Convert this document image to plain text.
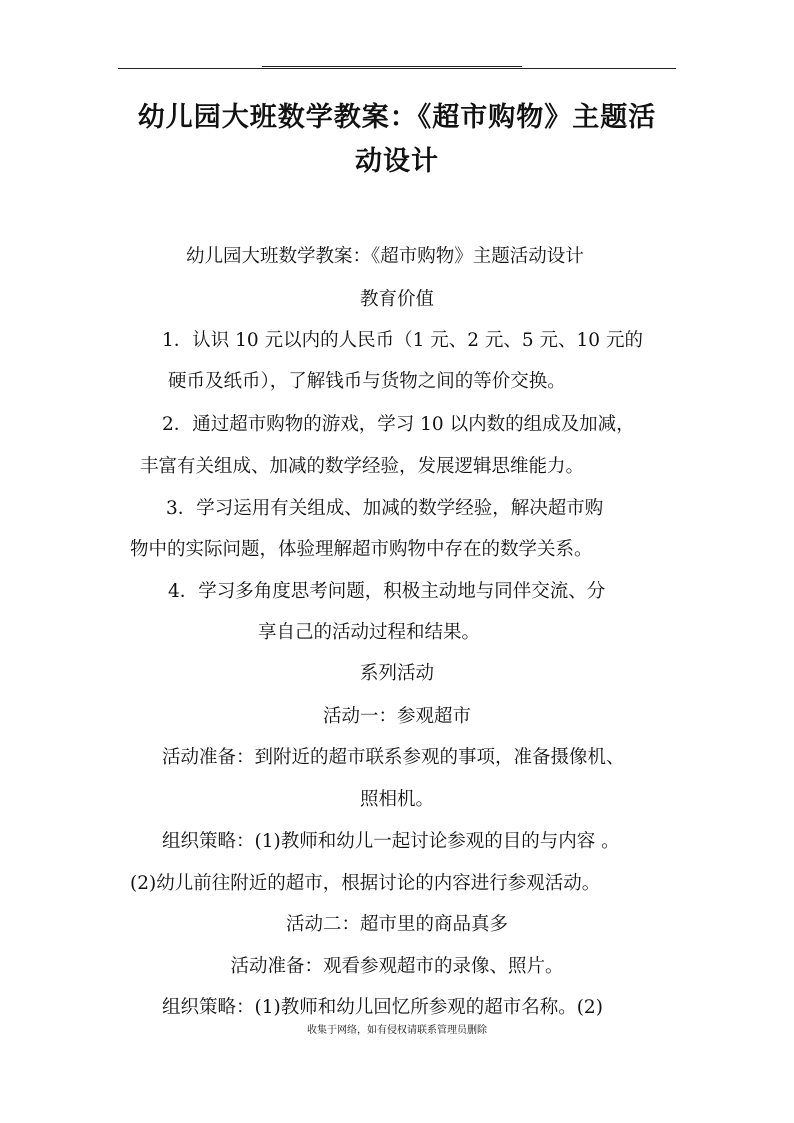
幼儿园大班数学教案：《超市购物》主题活
动设计
幼儿园大班数学教案：《超市购物》主题活动设计
教育价值
1．认识 10 元以内的人民币（1 元、2 元、5 元、10 元的
硬币及纸币），了解钱币与货物之间的等价交换。
2．通过超市购物的游戏，学习 10 以内数的组成及加减，
丰富有关组成、加减的数学经验，发展逻辑思维能力。
3．学习运用有关组成、加减的数学经验，解决超市购
物中的实际问题，体验理解超市购物中存在的数学关系。
4．学习多角度思考问题，积极主动地与同伴交流、分
享自己的活动过程和结果。
系列活动
活动一：参观超市
活动准备：到附近的超市联系参观的事项，准备摄像机、
照相机。
组织策略：(1)教师和幼儿一起讨论参观的目的与内容 。
(2)幼儿前往附近的超市，根据讨论的内容进行参观活动。
活动二：超市里的商品真多
活动准备：观看参观超市的录像、照片。
组织策略：(1)教师和幼儿回忆所参观的超市名称。(2)
收集于网络，如有侵权请联系管理员删除
